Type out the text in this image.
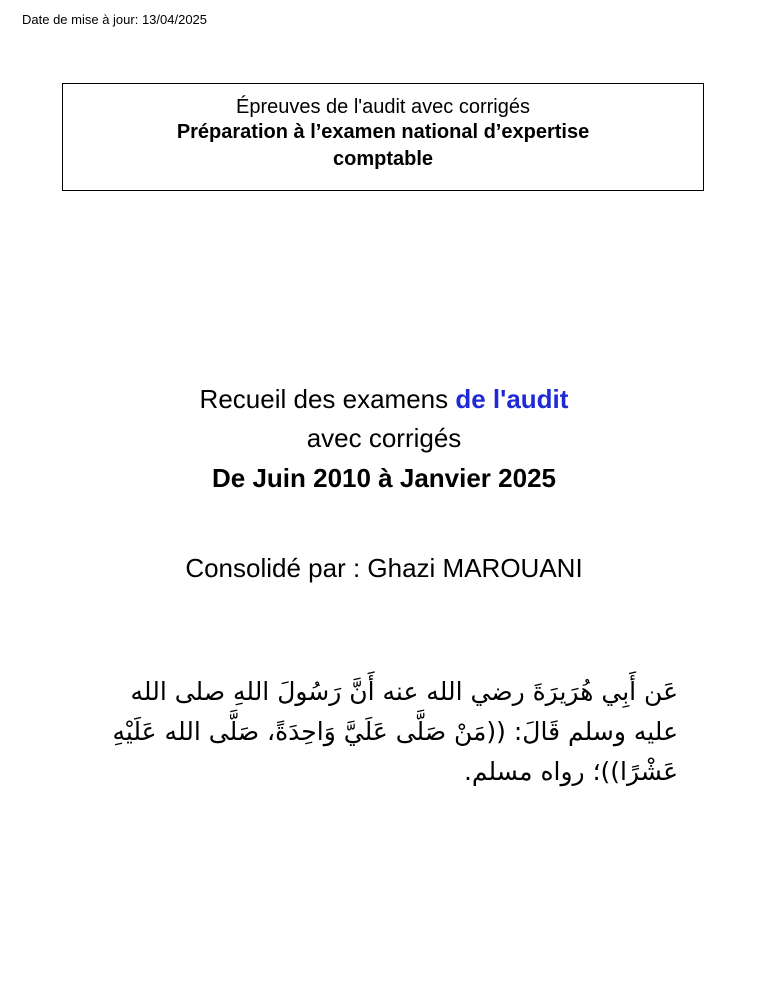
Date de mise à jour: 13/04/2025
Épreuves de l'audit avec corrigés
Préparation à l’examen national d’expertise
comptable
Recueil des examens de l'audit
avec corrigés
De Juin 2010 à Janvier 2025
Consolidé par : Ghazi MAROUANI
عَن أَبِي هُرَيرَةَ رضي الله عنه أَنَّ رَسُولَ اللهِ صلى الله عليه وسلم قَالَ: ((مَنْ صَلَّى عَلَيَّ وَاحِدَةً، صَلَّى الله عَلَيْهِ عَشْرًا))؛ رواه مسلم.
